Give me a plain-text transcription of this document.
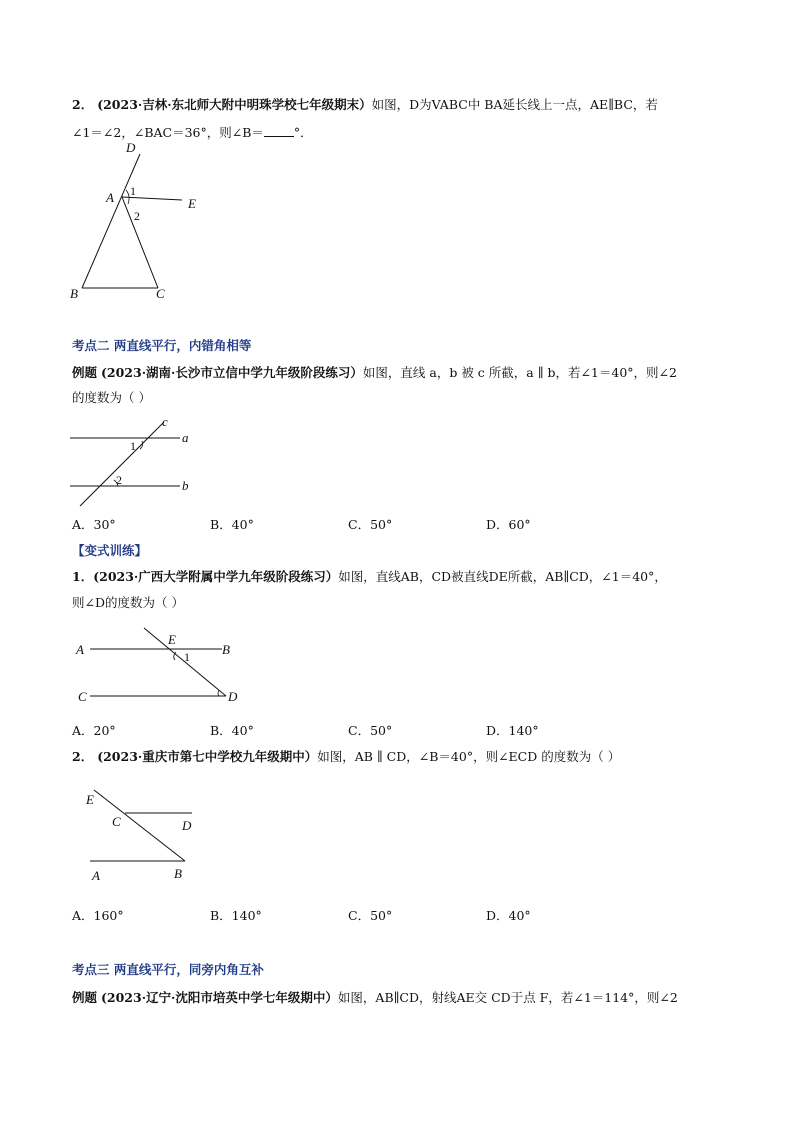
2． (2023·吉林·东北师大附中明珠学校七年级期末）如图，D为VABC中 BA延长线上一点，AE∥BC，若
∠1＝∠2，∠BAC＝36°，则∠B＝ °．
D
A	E
B	C
1
2
考点二 两直线平行，内错角相等
例题 (2023·湖南·长沙市立信中学九年级阶段练习）如图，直线 a，b 被 c 所截，a ∥ b，若∠1＝40°，则∠2
的度数为（ ）
c
a
b
1
2
A．30°	B．40°	C．50°	D．60°
【变式训练】
1．(2023·广西大学附属中学九年级阶段练习）如图，直线AB，CD被直线DE所截，AB∥CD，∠1＝40°，
则∠D的度数为（ ）
A	B
C	D
E
1
A．20°	B．40°	C．50°	D．140°
2． (2023·重庆市第七中学校九年级期中）如图，AB ∥ CD，∠B＝40°，则∠ECD 的度数为（ ）
E
C	D
A	B
A．160°	B．140°	C．50°	D．40°
考点三 两直线平行，同旁内角互补
例题 (2023·辽宁·沈阳市培英中学七年级期中）如图，AB∥CD，射线AE交 CD于点 F，若∠1＝114°，则∠2
